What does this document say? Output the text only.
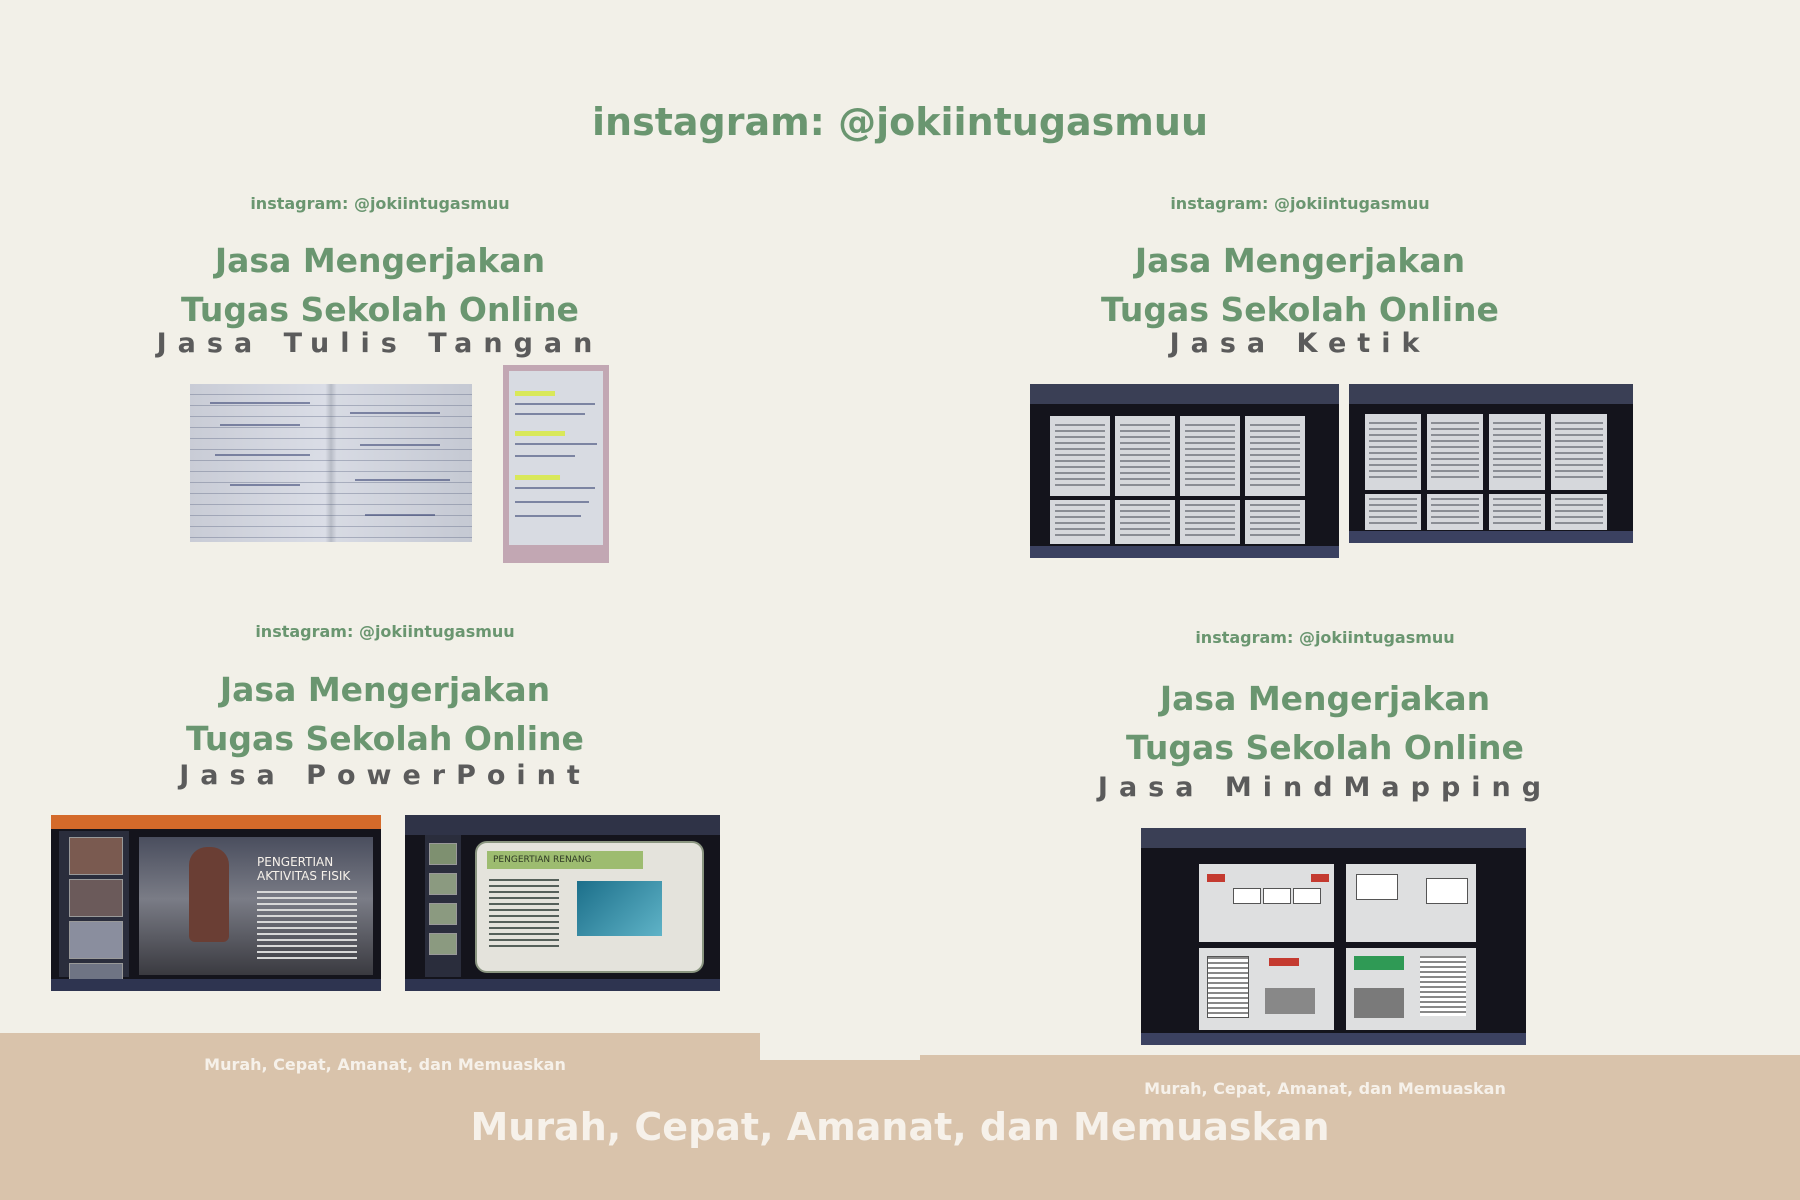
instagram: @jokiintugasmuu
instagram: @jokiintugasmuu
Jasa Mengerjakan
Tugas Sekolah Online
Jasa Tulis Tangan
instagram: @jokiintugasmuu
Jasa Mengerjakan
Tugas Sekolah Online
Jasa Ketik
instagram: @jokiintugasmuu
Jasa Mengerjakan
Tugas Sekolah Online
Jasa PowerPoint
PENGERTIAN AKTIVITAS FISIK
PENGERTIAN RENANG
instagram: @jokiintugasmuu
Jasa Mengerjakan
Tugas Sekolah Online
Jasa MindMapping
Murah, Cepat, Amanat, dan Memuaskan
Murah, Cepat, Amanat, dan Memuaskan
Murah, Cepat, Amanat, dan Memuaskan
